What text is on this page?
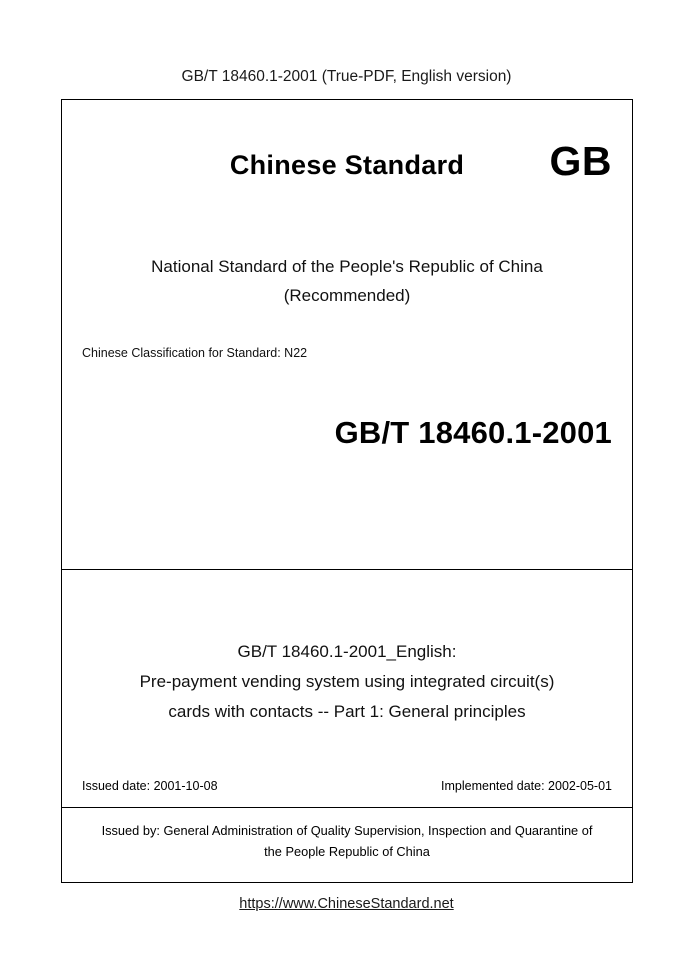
GB/T 18460.1-2001 (True-PDF, English version)
Chinese Standard	GB
National Standard of the People's Republic of China
(Recommended)
Chinese Classification for Standard: N22
GB/T 18460.1-2001
GB/T 18460.1-2001_English:
Pre-payment vending system using integrated circuit(s)
cards with contacts -- Part 1: General principles
Issued date: 2001-10-08	Implemented date: 2002-05-01
Issued by: General Administration of Quality Supervision, Inspection and Quarantine of
the People Republic of China
https://www.ChineseStandard.net
